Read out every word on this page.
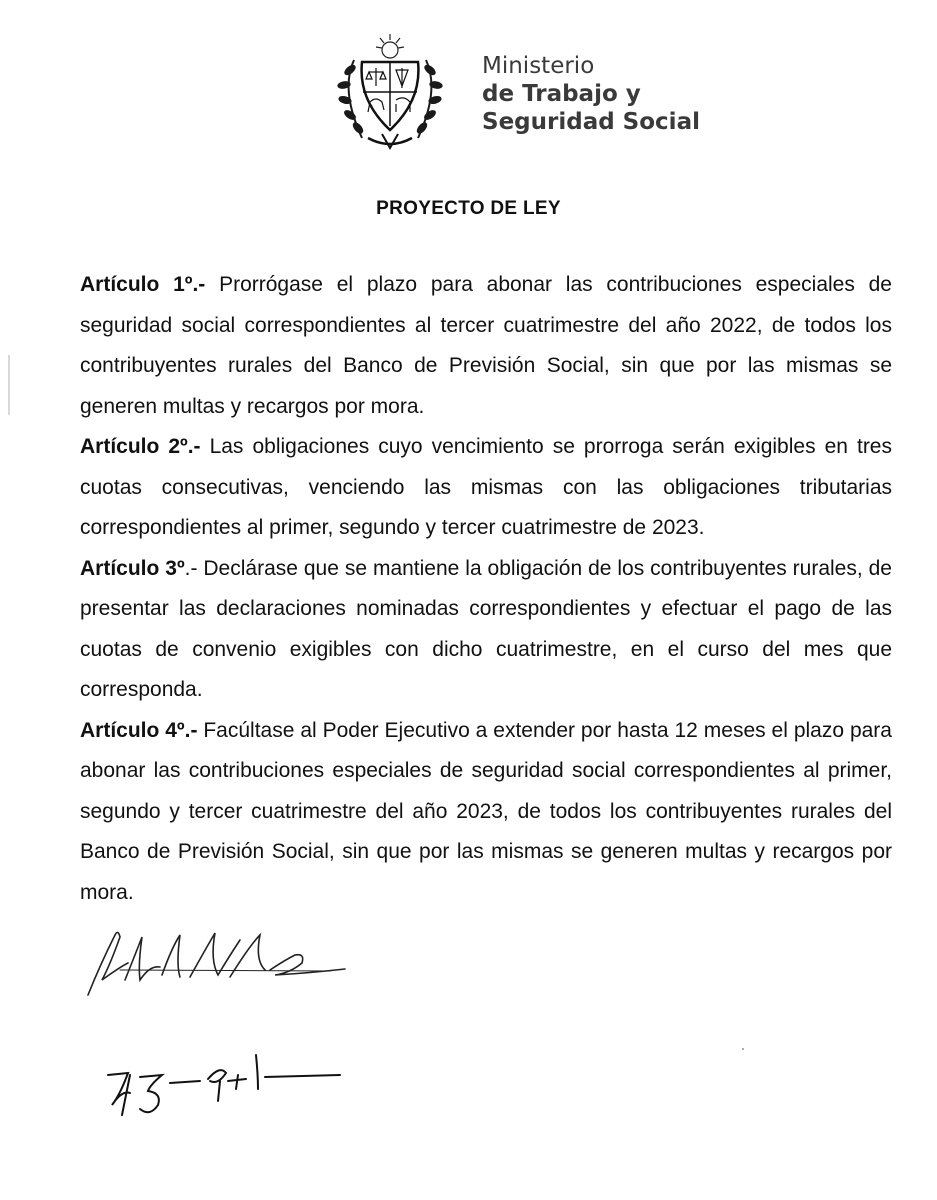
Ministerio
de Trabajo y
Seguridad Social
PROYECTO DE LEY

Artículo 1º.- Prorrógase el plazo para abonar las contribuciones especiales de seguridad social correspondientes al tercer cuatrimestre del año 2022, de todos los contribuyentes rurales del Banco de Previsión Social, sin que por las mismas se generen multas y recargos por mora.

Artículo 2º.- Las obligaciones cuyo vencimiento se prorroga serán exigibles en tres cuotas consecutivas, venciendo las mismas con las obligaciones tributarias correspondientes al primer, segundo y tercer cuatrimestre de 2023.

Artículo 3º.- Declárase que se mantiene la obligación de los contribuyentes rurales, de presentar las declaraciones nominadas correspondientes y efectuar el pago de las cuotas de convenio exigibles con dicho cuatrimestre, en el curso del mes que corresponda.

Artículo 4º.- Facúltase al Poder Ejecutivo a extender por hasta 12 meses el plazo para abonar las contribuciones especiales de seguridad social correspondientes al primer, segundo y tercer cuatrimestre del año 2023, de todos los contribuyentes rurales del Banco de Previsión Social, sin que por las mismas se generen multas y recargos por mora.
